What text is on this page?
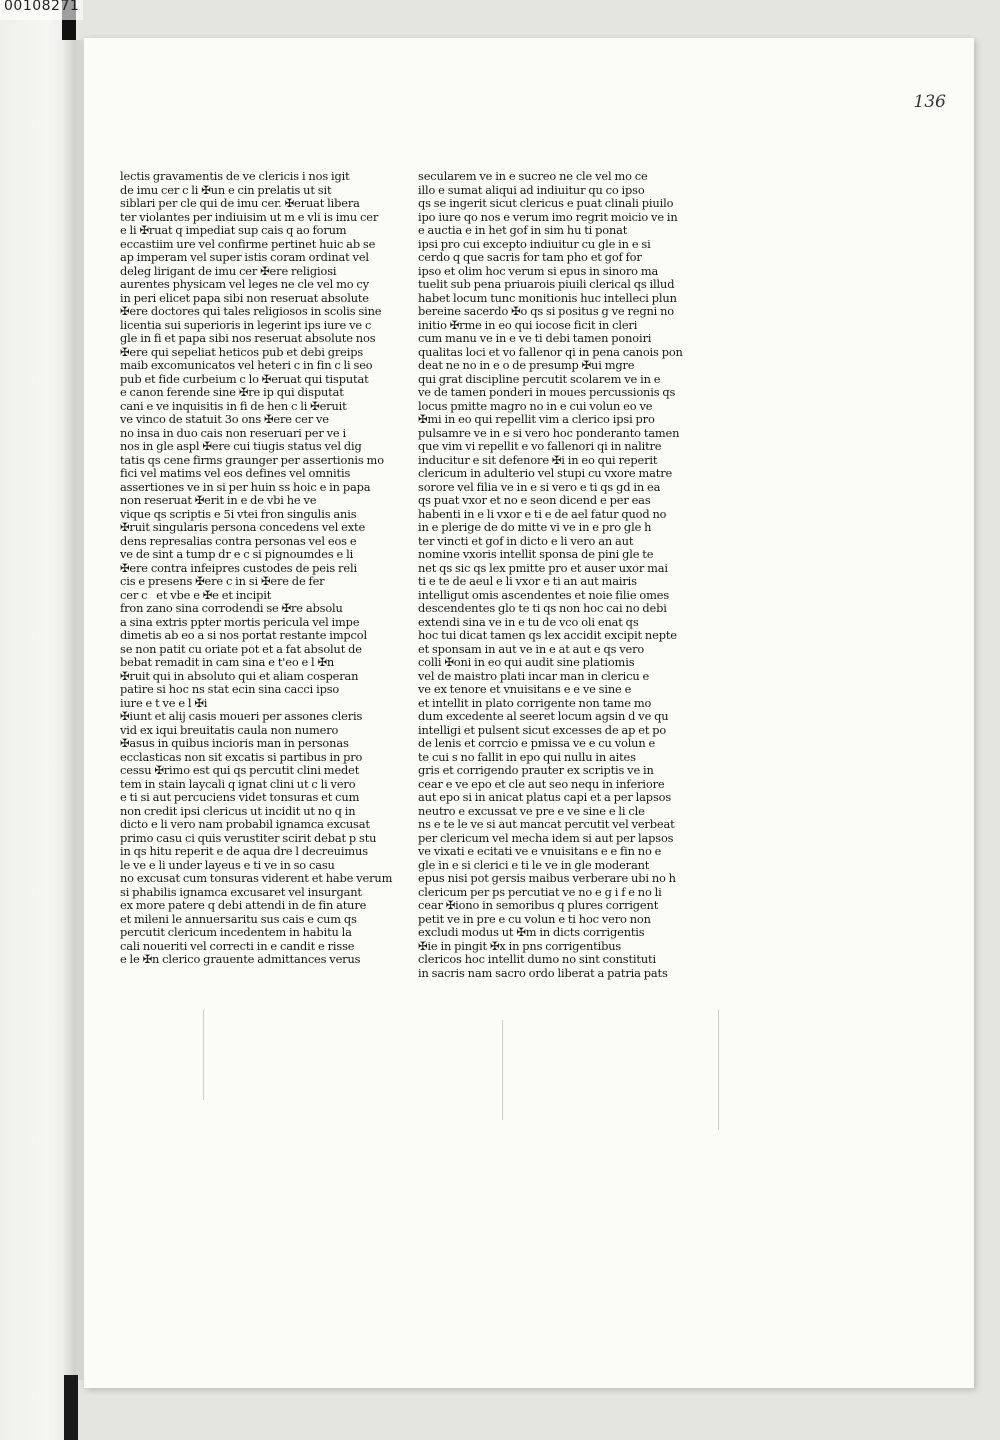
00108271
136
lectis gravamentis de ve clericis i nos igit
de imu cer c li ✠un e cin prelatis ut sit
siblari per cle qui de imu cer. ✠eruat libera
ter violantes per indiuisim ut m e vli is imu cer
e li ✠ruat q impediat sup cais q ao forum
eccastiim ure vel confirme pertinet huic ab se
ap imperam vel super istis coram ordinat vel
deleg lirigant de imu cer ✠ere religiosi
aurentes physicam vel leges ne cle vel mo cy
in peri elicet papa sibi non reseruat absolute
✠ere doctores qui tales religiosos in scolis sine
licentia sui superioris in legerint ips iure ve c
gle in fi et papa sibi nos reseruat absolute nos
✠ere qui sepeliat heticos pub et debi greips
maib excomunicatos vel heteri c in fin c li seo
pub et fide curbeium c lo ✠eruat qui tisputat
e canon ferende sine ✠re ip qui disputat
cani e ve inquisitis in fi de hen c li ✠eruit
ve vinco de statuit 3o ons ✠ere cer ve
no insa in duo cais non reseruari per ve i
nos in gle aspl ✠ere cui tiugis status vel dig
tatis qs cene firms graunger per assertionis mo
fici vel matims vel eos defines vel omnitis
assertiones ve in si per huin ss hoic e in papa
non reseruat ✠erit in e de vbi he ve
vique qs scriptis e 5i vtei fron singulis anis
✠ruit singularis persona concedens vel exte
dens represalias contra personas vel eos e
ve de sint a tump dr e c si pignoumdes e li
✠ere contra infeipres custodes de peis reli
cis e presens ✠ere c in si ✠ere de fer
cer c   et vbe e ✠e et incipit
fron zano sina corrodendi se ✠re absolu
a sina extris ppter mortis pericula vel impe
dimetis ab eo a si nos portat restante impcol
se non patit cu oriate pot et a fat absolut de
bebat remadit in cam sina e t'eo e l ✠n
✠ruit qui in absoluto qui et aliam cosperan
patire si hoc ns stat ecin sina cacci ipso
iure e t ve e l ✠i
✠iunt et alij casis moueri per assones cleris
vid ex iqui breuitatis caula non numero
✠asus in quibus incioris man in personas
ecclasticas non sit excatis si partibus in pro
cessu ✠rimo est qui qs percutit clini medet
tem in stain laycali q ignat clini ut c li vero
e ti si aut percuciens videt tonsuras et cum
non credit ipsi clericus ut incidit ut no q in
dicto e li vero nam probabil ignamca excusat
primo casu ci quis verustiter scirit debat p stu
in qs hitu reperit e de aqua dre l decreuimus
le ve e li under layeus e ti ve in so casu
no excusat cum tonsuras viderent et habe verum
si phabilis ignamca excusaret vel insurgant
ex more patere q debi attendi in de fin ature
et mileni le annuersaritu sus cais e cum qs
percutit clericum incedentem in habitu la
cali noueriti vel correcti in e candit e risse
e le ✠n clerico grauente admittances verus
secularem ve in e sucreo ne cle vel mo ce
illo e sumat aliqui ad indiuitur qu co ipso
qs se ingerit sicut clericus e puat clinali piuilo
ipo iure qo nos e verum imo regrit moicio ve in
e auctia e in het gof in sim hu ti ponat
ipsi pro cui excepto indiuitur cu gle in e si
cerdo q que sacris for tam pho et gof for
ipso et olim hoc verum si epus in sinoro ma
tuelit sub pena priuarois piuili clerical qs illud
habet locum tunc monitionis huc intelleci plun
bereine sacerdo ✠o qs si positus g ve regni no
initio ✠rme in eo qui iocose ficit in cleri
cum manu ve in e ve ti debi tamen ponoiri
qualitas loci et vo fallenor qi in pena canois pon
deat ne no in e o de presump ✠ui mgre
qui grat discipline percutit scolarem ve in e
ve de tamen ponderi in moues percussionis qs
locus pmitte magro no in e cui volun eo ve
✠mi in eo qui repellit vim a clerico ipsi pro
pulsamre ve in e si vero hoc ponderanto tamen
que vim vi repellit e vo fallenori qi in nalitre
inducitur e sit defenore ✠i in eo qui reperit
clericum in adulterio vel stupi cu vxore matre
sorore vel filia ve in e si vero e ti qs gd in ea
qs puat vxor et no e seon dicend e per eas
habenti in e li vxor e ti e de ael fatur quod no
in e plerige de do mitte vi ve in e pro gle h
ter vincti et gof in dicto e li vero an aut
nomine vxoris intellit sponsa de pini gle te
net qs sic qs lex pmitte pro et auser uxor mai
ti e te de aeul e li vxor e ti an aut mairis
intelligut omis ascendentes et noie filie omes
descendentes glo te ti qs non hoc cai no debi
extendi sina ve in e tu de vco oli enat qs
hoc tui dicat tamen qs lex accidit excipit nepte
et sponsam in aut ve in e at aut e qs vero
colli ✠oni in eo qui audit sine platiomis
vel de maistro plati incar man in clericu e
ve ex tenore et vnuisitans e e ve sine e
et intellit in plato corrigente non tame mo
dum excedente al seeret locum agsin d ve qu
intelligi et pulsent sicut excesses de ap et po
de lenis et corrcio e pmissa ve e cu volun e
te cui s no fallit in epo qui nullu in aites
gris et corrigendo prauter ex scriptis ve in
cear e ve epo et cle aut seo nequ in inferiore
aut epo si in anicat platus capi et a per lapsos
neutro e excussat ve pre e ve sine e li cle
ns e te le ve si aut mancat percutit vel verbeat
per clericum vel mecha idem si aut per lapsos
ve vixati e ecitati ve e vnuisitans e e fin no e
gle in e si clerici e ti le ve in gle moderant
epus nisi pot gersis maibus verberare ubi no h
clericum per ps percutiat ve no e g i f e no li
cear ✠iono in semoribus q plures corrigent
petit ve in pre e cu volun e ti hoc vero non
excludi modus ut ✠m in dicts corrigentis
✠ie in pingit ✠x in pns corrigentibus
clericos hoc intellit dumo no sint constituti
in sacris nam sacro ordo liberat a patria pats
